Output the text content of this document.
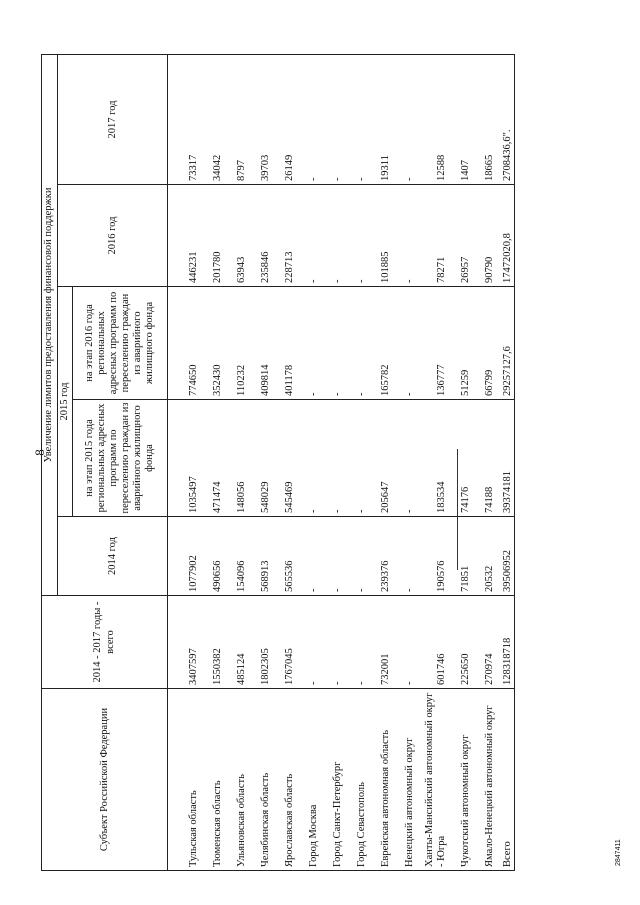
8
Субъект Российской Федерации	2014 - 2017 годы - всего	Увеличение лимитов предоставления финансовой поддержки				
		2014 год	2015 год		2016 год	2017 год
			на этап 2015 года региональных адресных программ по переселению граждан из аварийного жилищного фонда	на этап 2016 года региональных адресных программ по переселению граждан из аварийного жилищного фонда		
Тульская область	3407597	1077902	1035497	774650	446231	73317
Тюменская область	1550382	490656	471474	352430	201780	34042
Ульяновская область	485124	154096	148056	110232	63943	8797
Челябинская область	1802305	568913	548029	409814	235846	39703
Ярославская область	1767045	565536	545469	401178	228713	26149
Город Москва	-	-	-	-	-	-
Город Санкт-Петербург	-	-	-	-	-	-
Город Севастополь	-	-	-	-	-	-
Еврейская автономная область	732001	239376	205647	165782	101885	19311
Ненецкий автономный округ	-	-	-	-	-	-
Ханты-Мансийский автономный округ - Югра	601746	190576	183534	136777	78271	12588
Чукотский автономный округ	225650	71851	74176	51259	26957	1407
Ямало-Ненецкий автономный округ	270974	20532	74188	66799	90790	18665
Всего	128318718	39506952	39374181	29257127,6	17472020,8	2708436,6".
2847411
